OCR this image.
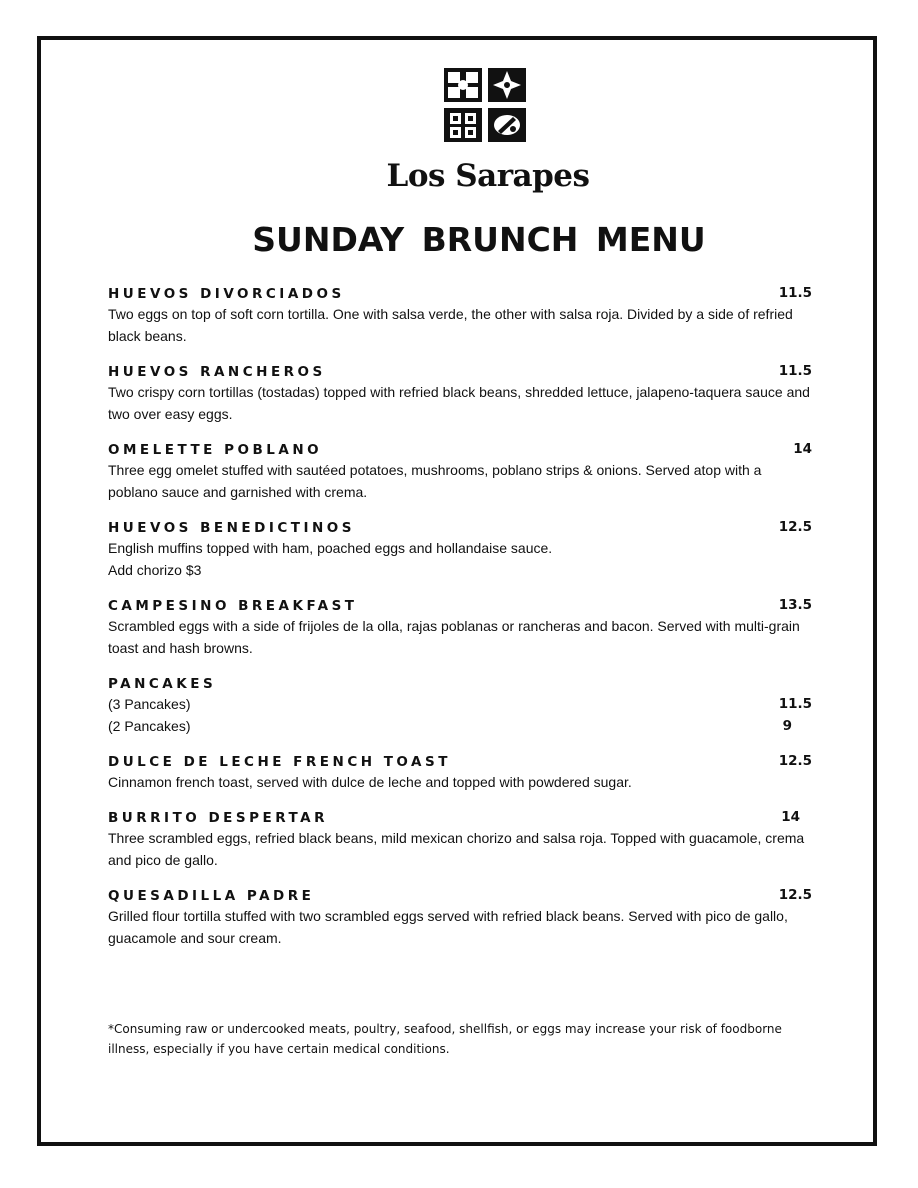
Los Sarapes
SUNDAY BRUNCH MENU
HUEVOS DIVORCIADOS	11.5
Two eggs on top of soft corn tortilla. One with salsa verde, the other with salsa roja. Divided by a side of refried black beans.
HUEVOS RANCHEROS	11.5
Two crispy corn tortillas (tostadas) topped with refried black beans, shredded lettuce, jalapeno-taquera sauce and two over easy eggs.
OMELETTE POBLANO	14
Three egg omelet stuffed with sautéed potatoes, mushrooms, poblano strips & onions. Served atop with a poblano sauce and garnished with crema.
HUEVOS BENEDICTINOS	12.5
English muffins topped with ham, poached eggs and hollandaise sauce.
Add chorizo $3
CAMPESINO BREAKFAST	13.5
Scrambled eggs with a side of frijoles de la olla, rajas poblanas or rancheras and bacon. Served with multi-grain toast and hash browns.
PANCAKES
(3 Pancakes)	11.5
(2 Pancakes)	9
DULCE DE LECHE FRENCH TOAST	12.5
Cinnamon french toast, served with dulce de leche and topped with powdered sugar.
BURRITO DESPERTAR	14
Three scrambled eggs, refried black beans, mild mexican chorizo and salsa roja. Topped with guacamole, crema and pico de gallo.
QUESADILLA PADRE	12.5
Grilled flour tortilla stuffed with two scrambled eggs served with refried black beans. Served with pico de gallo, guacamole and sour cream.
*Consuming raw or undercooked meats, poultry, seafood, shellfish, or eggs may increase your risk of foodborne illness, especially if you have certain medical conditions.
